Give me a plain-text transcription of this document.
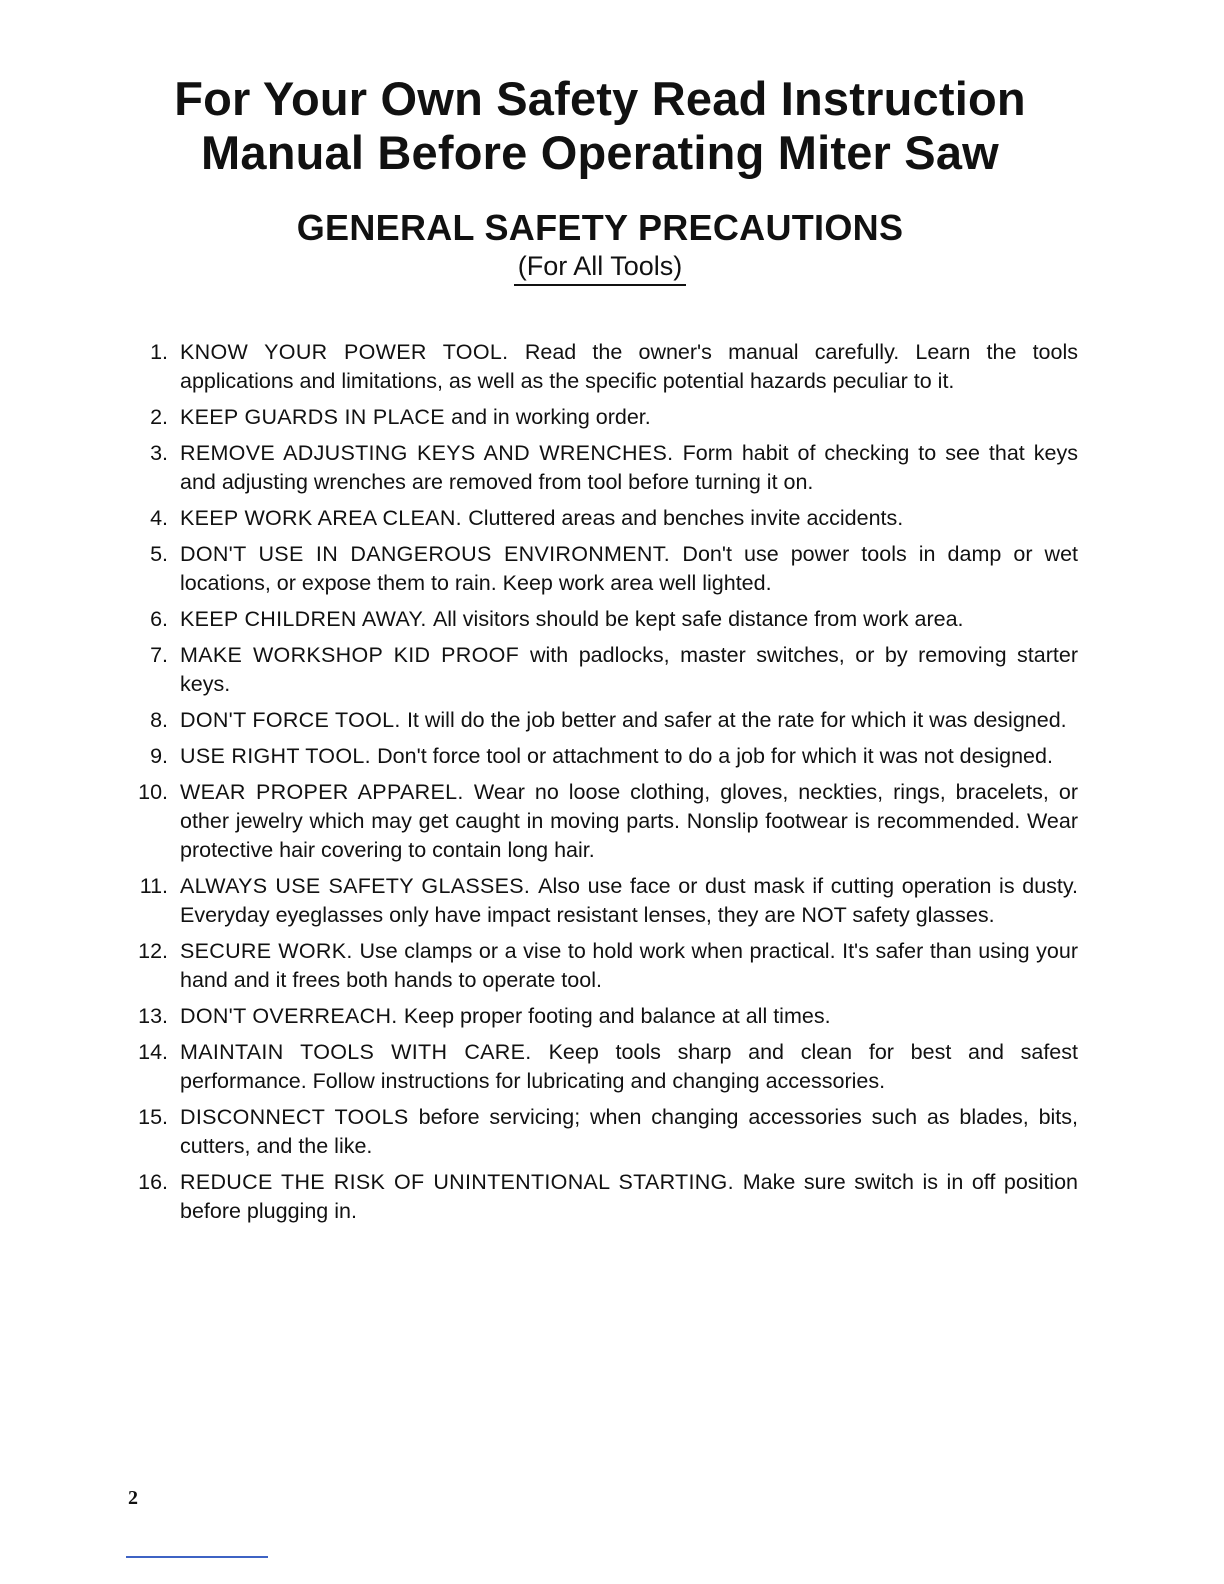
For Your Own Safety Read Instruction
Manual Before Operating Miter Saw
GENERAL SAFETY PRECAUTIONS

(For All Tools)

1. KNOW YOUR POWER TOOL. Read the owner's manual carefully. Learn the tools applications and limitations, as well as the specific potential hazards peculiar to it.
2. KEEP GUARDS IN PLACE and in working order.
3. REMOVE ADJUSTING KEYS AND WRENCHES. Form habit of checking to see that keys and adjusting wrenches are removed from tool before turning it on.
4. KEEP WORK AREA CLEAN. Cluttered areas and benches invite accidents.
5. DON'T USE IN DANGEROUS ENVIRONMENT. Don't use power tools in damp or wet locations, or expose them to rain. Keep work area well lighted.
6. KEEP CHILDREN AWAY. All visitors should be kept safe distance from work area.
7. MAKE WORKSHOP KID PROOF with padlocks, master switches, or by removing starter keys.
8. DON'T FORCE TOOL. It will do the job better and safer at the rate for which it was designed.
9. USE RIGHT TOOL. Don't force tool or attachment to do a job for which it was not designed.
10. WEAR PROPER APPAREL. Wear no loose clothing, gloves, neckties, rings, bracelets, or other jewelry which may get caught in moving parts. Nonslip footwear is recommended. Wear protective hair covering to contain long hair.
11. ALWAYS USE SAFETY GLASSES. Also use face or dust mask if cutting operation is dusty. Everyday eyeglasses only have impact resistant lenses, they are NOT safety glasses.
12. SECURE WORK. Use clamps or a vise to hold work when practical. It's safer than using your hand and it frees both hands to operate tool.
13. DON'T OVERREACH. Keep proper footing and balance at all times.
14. MAINTAIN TOOLS WITH CARE. Keep tools sharp and clean for best and safest performance. Follow instructions for lubricating and changing accessories.
15. DISCONNECT TOOLS before servicing; when changing accessories such as blades, bits, cutters, and the like.
16. REDUCE THE RISK OF UNINTENTIONAL STARTING. Make sure switch is in off position before plugging in.
2
